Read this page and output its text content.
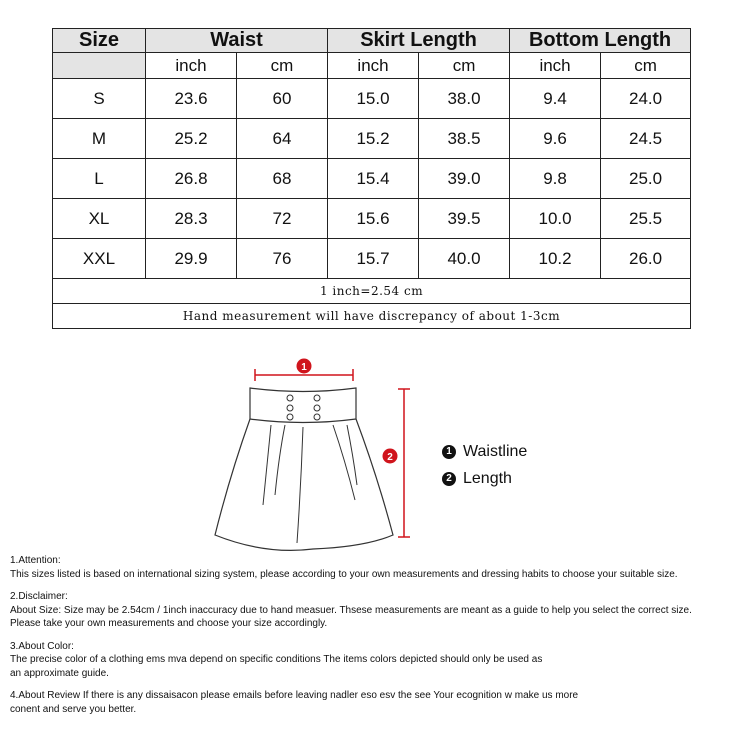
Size	Waist		Skirt Length		Bottom Length	
	inch	cm	inch	cm	inch	cm
S	23.6	60	15.0	38.0	9.4	24.0
M	25.2	64	15.2	38.5	9.6	24.5
L	26.8	68	15.4	39.0	9.8	25.0
XL	28.3	72	15.6	39.5	10.0	25.5
XXL	29.9	76	15.7	40.0	10.2	26.0
1 inch=2.54 cm						
Hand measurement will have discrepancy of about 1-3cm						
1
2
1 Waistline
2 Length

1.Attention:

This sizes listed is based on international sizing system, please according to your own measurements and dressing habits to choose your suitable size.

2.Disclaimer:

About Size: Size may be 2.54cm / 1inch inaccuracy due to hand measuer. Thsese measurements are meant as a guide to help you select the correct size.

Please take your own measurements and choose your size accordingly.

3.About Color:

The precise color of a clothing ems mva depend on specific conditions The items colors depicted should only be used as

an approximate guide.

4.About Review If there is any dissaisacon please emails before leaving nadler eso esv the see Your ecognition w make us more

conent and serve you better.
